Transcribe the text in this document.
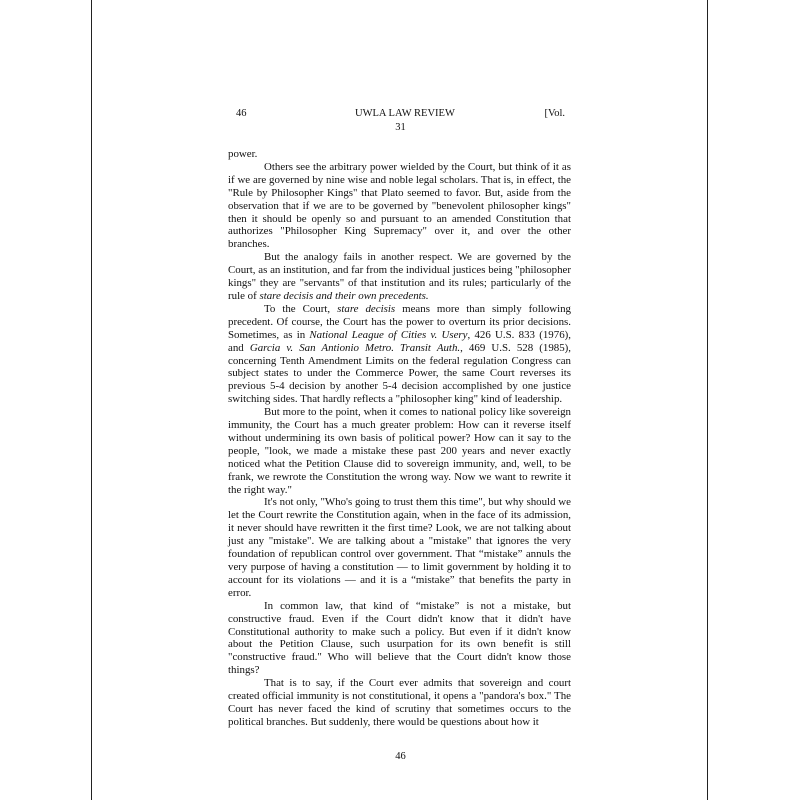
46	UWLA LAW REVIEW	[Vol.
31

power.

Others see the arbitrary power wielded by the Court, but think of it as if we are governed by nine wise and noble legal scholars. That is, in effect, the "Rule by Philosopher Kings" that Plato seemed to favor. But, aside from the observation that if we are to be governed by "benevolent philosopher kings" then it should be openly so and pursuant to an amended Constitution that authorizes "Philosopher King Supremacy" over it, and over the other branches.

But the analogy fails in another respect. We are governed by the Court, as an institution, and far from the individual justices being "philosopher kings" they are "servants" of that institution and its rules; particularly of the rule of stare decisis and their own precedents.

To the Court, stare decisis means more than simply following precedent. Of course, the Court has the power to overturn its prior decisions. Sometimes, as in National League of Cities v. Usery, 426 U.S. 833 (1976), and Garcia v. San Antionio Metro. Transit Auth., 469 U.S. 528 (1985), concerning Tenth Amendment Limits on the federal regulation Congress can subject states to under the Commerce Power, the same Court reverses its previous 5-4 decision by another 5-4 decision accomplished by one justice switching sides. That hardly reflects a "philosopher king" kind of leadership.

But more to the point, when it comes to national policy like sovereign immunity, the Court has a much greater problem: How can it reverse itself without undermining its own basis of political power? How can it say to the people, "look, we made a mistake these past 200 years and never exactly noticed what the Petition Clause did to sovereign immunity, and, well, to be frank, we rewrote the Constitution the wrong way. Now we want to rewrite it the right way."

It's not only, "Who's going to trust them this time", but why should we let the Court rewrite the Constitution again, when in the face of its admission, it never should have rewritten it the first time? Look, we are not talking about just any "mistake". We are talking about a "mistake" that ignores the very foundation of republican control over government. That “mistake” annuls the very purpose of having a constitution — to limit government by holding it to account for its violations — and it is a “mistake” that benefits the party in error.

In common law, that kind of “mistake” is not a mistake, but constructive fraud. Even if the Court didn't know that it didn't have Constitutional authority to make such a policy. But even if it didn't know about the Petition Clause, such usurpation for its own benefit is still "constructive fraud." Who will believe that the Court didn't know those things?

That is to say, if the Court ever admits that sovereign and court created official immunity is not constitutional, it opens a "pandora's box." The Court has never faced the kind of scrutiny that sometimes occurs to the political branches. But suddenly, there would be questions about how it

46
